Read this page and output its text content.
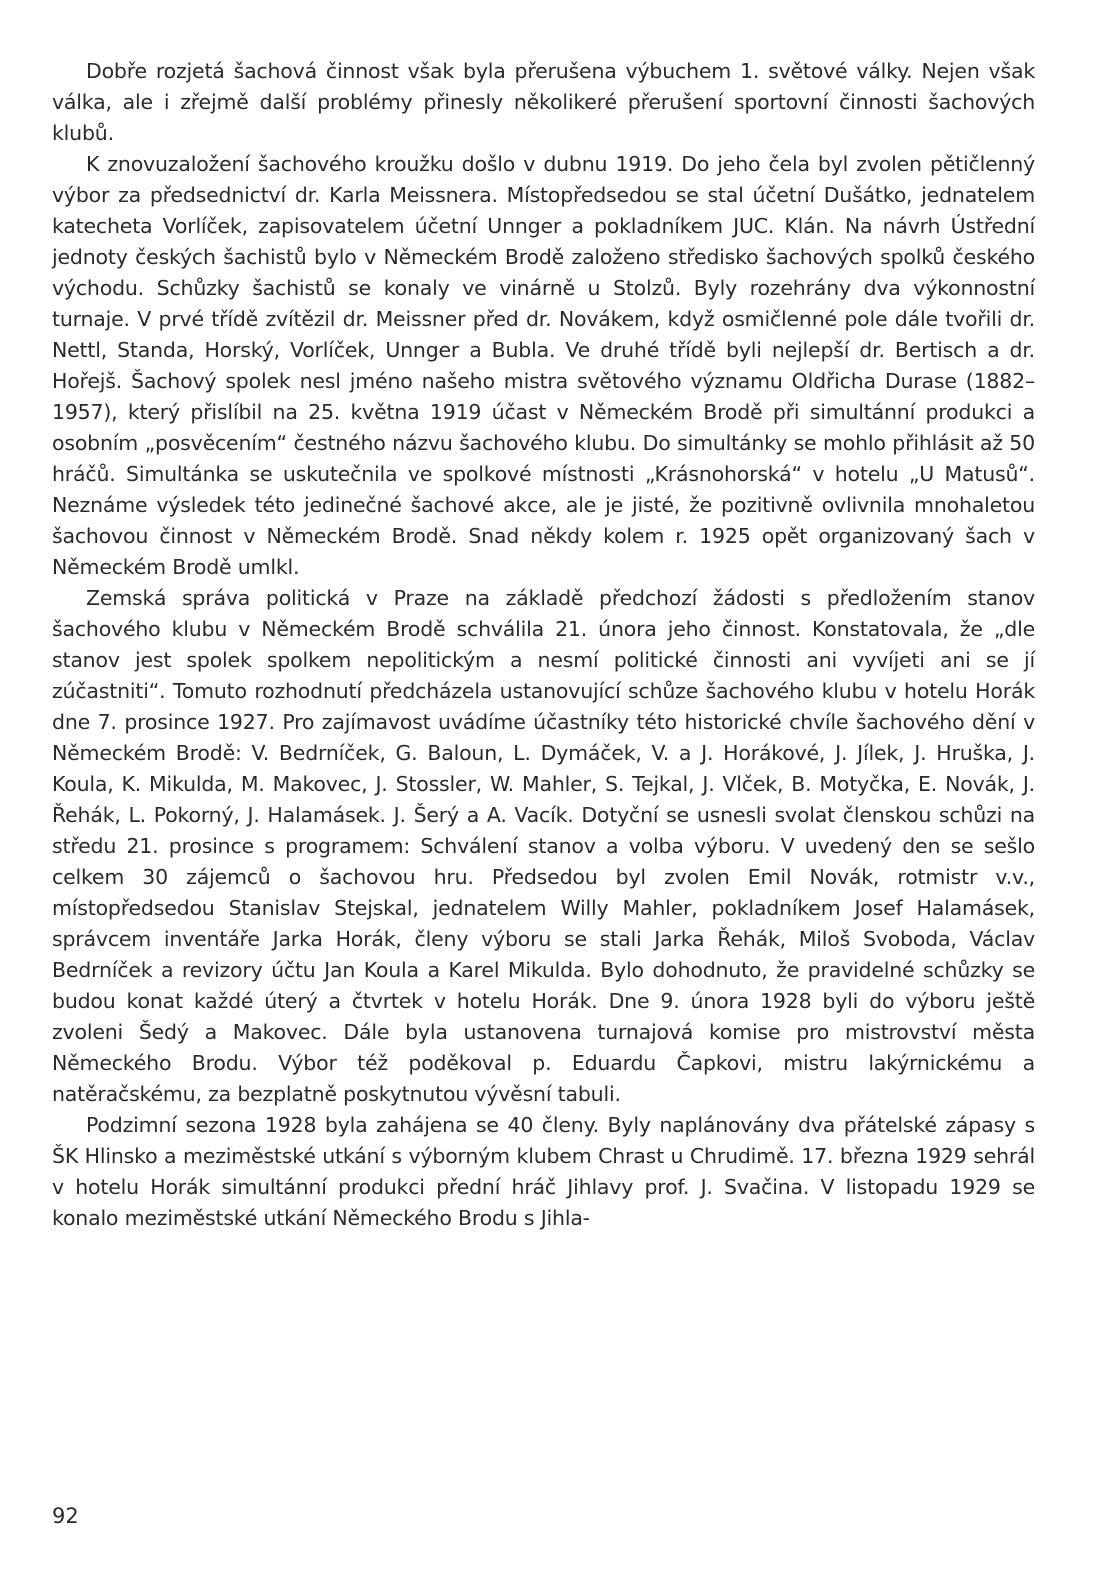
Dobře rozjetá šachová činnost však byla přerušena výbuchem 1. světové války. Nejen však válka, ale i zřejmě další problémy přinesly několikeré přerušení sportovní činnosti šachových klubů.

K znovuzaložení šachového kroužku došlo v dubnu 1919. Do jeho čela byl zvolen pětičlenný výbor za předsednictví dr. Karla Meissnera. Místopředsedou se stal účetní Dušátko, jednatelem katecheta Vorlíček, zapisovatelem účetní Unnger a pokladníkem JUC. Klán. Na návrh Ústřední jednoty českých šachistů bylo v Německém Brodě založeno středisko šachových spolků českého východu. Schůzky šachistů se konaly ve vinárně u Stolzů. Byly rozehrány dva výkonnostní turnaje. V prvé třídě zvítězil dr. Meissner před dr. Novákem, když osmičlenné pole dále tvořili dr. Nettl, Standa, Horský, Vorlíček, Unnger a Bubla. Ve druhé třídě byli nejlepší dr. Bertisch a dr. Hořejš. Šachový spolek nesl jméno našeho mistra světového významu Oldřicha Durase (1882–1957), který přislíbil na 25. května 1919 účast v Německém Brodě při simultánní produkci a osobním „posvěcením“ čestného názvu šachového klubu. Do simultánky se mohlo přihlásit až 50 hráčů. Simultánka se uskutečnila ve spolkové místnosti „Krásnohorská“ v hotelu „U Matusů“. Neznáme výsledek této jedinečné šachové akce, ale je jisté, že pozitivně ovlivnila mnohaletou šachovou činnost v Německém Brodě. Snad někdy kolem r. 1925 opět organizovaný šach v Německém Brodě umlkl.

Zemská správa politická v Praze na základě předchozí žádosti s předložením stanov šachového klubu v Německém Brodě schválila 21. února jeho činnost. Konstatovala, že „dle stanov jest spolek spolkem nepolitickým a nesmí politické činnosti ani vyvíjeti ani se jí zúčastniti“. Tomuto rozhodnutí předcházela ustanovující schůze šachového klubu v hotelu Horák dne 7. prosince 1927. Pro zajímavost uvádíme účastníky této historické chvíle šachového dění v Německém Brodě: V. Bedrníček, G. Baloun, L. Dymáček, V. a J. Horákové, J. Jílek, J. Hruška, J. Koula, K. Mikulda, M. Makovec, J. Stossler, W. Mahler, S. Tejkal, J. Vlček, B. Motyčka, E. Novák, J. Řehák, L. Pokorný, J. Halamásek. J. Šerý a A. Vacík. Dotyční se usnesli svolat členskou schůzi na středu 21. prosince s programem: Schválení stanov a volba výboru. V uvedený den se sešlo celkem 30 zájemců o šachovou hru. Předsedou byl zvolen Emil Novák, rotmistr v.v., místopředsedou Stanislav Stejskal, jednatelem Willy Mahler, pokladníkem Josef Halamásek, správcem inventáře Jarka Horák, členy výboru se stali Jarka Řehák, Miloš Svoboda, Václav Bedrníček a revizory účtu Jan Koula a Karel Mikulda. Bylo dohodnuto, že pravidelné schůzky se budou konat každé úterý a čtvrtek v hotelu Horák. Dne 9. února 1928 byli do výboru ještě zvoleni Šedý a Makovec. Dále byla ustanovena turnajová komise pro mistrovství města Německého Brodu. Výbor též poděkoval p. Eduardu Čapkovi, mistru lakýrnickému a natěračskému, za bezplatně poskytnutou vývěsní tabuli.

Podzimní sezona 1928 byla zahájena se 40 členy. Byly naplánovány dva přátelské zápasy s ŠK Hlinsko a meziměstské utkání s výborným klubem Chrast u Chrudimě. 17. března 1929 sehrál v hotelu Horák simultánní produkci přední hráč Jihlavy prof. J. Svačina. V listopadu 1929 se konalo meziměstské utkání Německého Brodu s Jihla-

92
